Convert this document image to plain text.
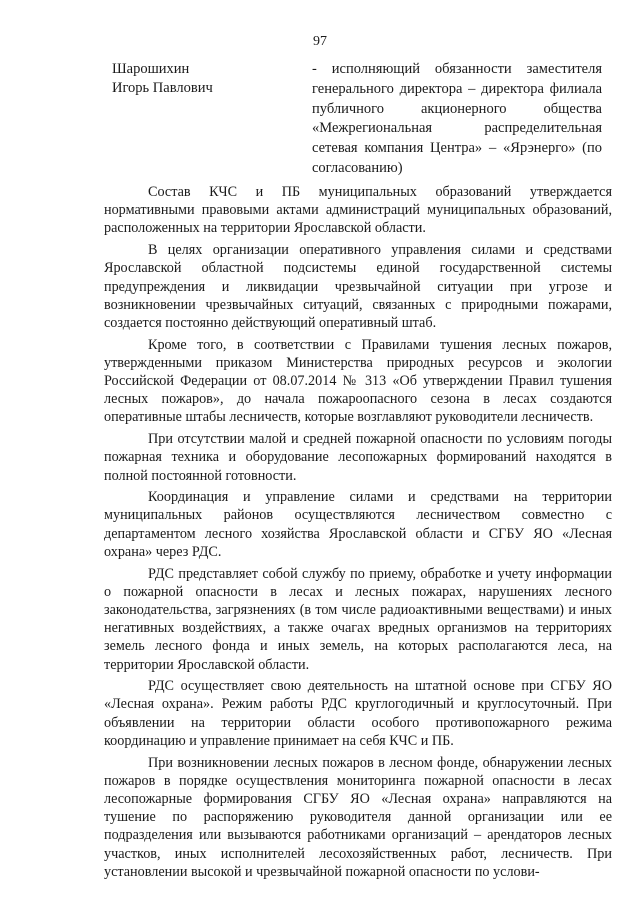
97
Шарошихин
Игорь Павлович
- исполняющий обязанности заместителя генерального директора – директора филиала публичного акционерного общества «Межрегиональная распределительная сетевая компания Центра» – «Ярэнерго» (по согласованию)

Состав КЧС и ПБ муниципальных образований утверждается нормативными правовыми актами администраций муниципальных образований, расположенных на территории Ярославской области.

В целях организации оперативного управления силами и средствами Ярославской областной подсистемы единой государственной системы предупреждения и ликвидации чрезвычайной ситуации при угрозе и возникновении чрезвычайных ситуаций, связанных с природными пожарами, создается постоянно действующий оперативный штаб.

Кроме того, в соответствии с Правилами тушения лесных пожаров, утвержденными приказом Министерства природных ресурсов и экологии Российской Федерации от 08.07.2014 № 313 «Об утверждении Правил тушения лесных пожаров», до начала пожароопасного сезона в лесах создаются оперативные штабы лесничеств, которые возглавляют руководители лесничеств.

При отсутствии малой и средней пожарной опасности по условиям погоды пожарная техника и оборудование лесопожарных формирований находятся в полной постоянной готовности.

Координация и управление силами и средствами на территории муниципальных районов осуществляются лесничеством совместно с департаментом лесного хозяйства Ярославской области и СГБУ ЯО «Лесная охрана» через РДС.

РДС представляет собой службу по приему, обработке и учету информации о пожарной опасности в лесах и лесных пожарах, нарушениях лесного законодательства, загрязнениях (в том числе радиоактивными веществами) и иных негативных воздействиях, а также очагах вредных организмов на территориях земель лесного фонда и иных земель, на которых располагаются леса, на территории Ярославской области.

РДС осуществляет свою деятельность на штатной основе при СГБУ ЯО «Лесная охрана». Режим работы РДС круглогодичный и круглосуточный. При объявлении на территории области особого противопожарного режима координацию и управление принимает на себя КЧС и ПБ.

При возникновении лесных пожаров в лесном фонде, обнаружении лесных пожаров в порядке осуществления мониторинга пожарной опасности в лесах лесопожарные формирования СГБУ ЯО «Лесная охрана» направляются на тушение по распоряжению руководителя данной организации или ее подразделения или вызываются работниками организаций – арендаторов лесных участков, иных исполнителей лесохозяйственных работ, лесничеств. При установлении высокой и чрезвычайной пожарной опасности по услови-
